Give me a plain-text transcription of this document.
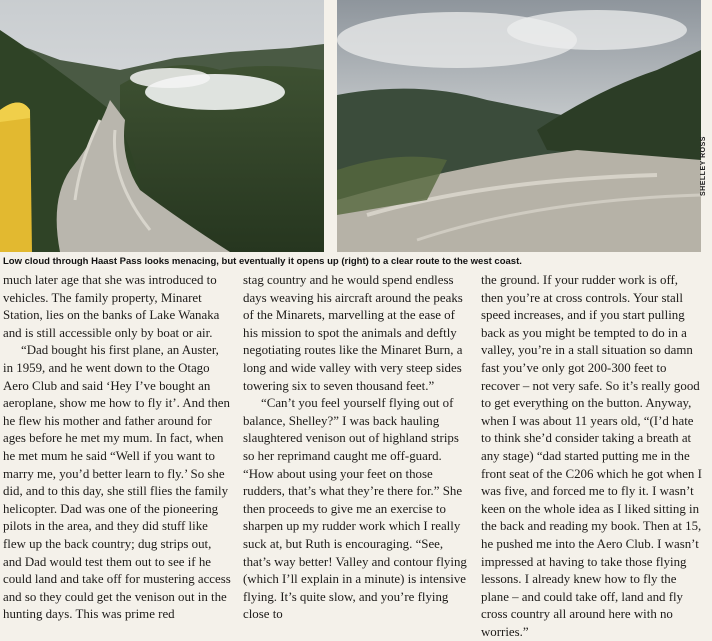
SHELLEY ROSS
Low cloud through Haast Pass looks menacing, but eventually it opens up (right) to a clear route to the west coast.

much later age that she was introduced to vehicles. The family property, Minaret Station, lies on the banks of Lake Wanaka and is still accessible only by boat or air.

“Dad bought his first plane, an Auster, in 1959, and he went down to the Otago Aero Club and said ‘Hey I’ve bought an aeroplane, show me how to fly it’. And then he flew his mother and father around for ages before he met my mum. In fact, when he met mum he said “Well if you want to marry me, you’d better learn to fly.’ So she did, and to this day, she still flies the family helicopter. Dad was one of the pioneering pilots in the area, and they did stuff like flew up the back country; dug strips out, and Dad would test them out to see if he could land and take off for mustering access and so they could get the venison out in the hunting days. This was prime red

stag country and he would spend endless days weaving his aircraft around the peaks of the Minarets, marvelling at the ease of his mission to spot the animals and deftly negotiating routes like the Minaret Burn, a long and wide valley with very steep sides towering six to seven thousand feet.”

“Can’t you feel yourself flying out of balance, Shelley?” I was back hauling slaughtered venison out of highland strips so her reprimand caught me off-guard. “How about using your feet on those rudders, that’s what they’re there for.” She then proceeds to give me an exercise to sharpen up my rudder work which I really suck at, but Ruth is encouraging. “See, that’s way better! Valley and contour flying (which I’ll explain in a minute) is intensive flying. It’s quite slow, and you’re flying close to

the ground. If your rudder work is off, then you’re at cross controls. Your stall speed increases, and if you start pulling back as you might be tempted to do in a valley, you’re in a stall situation so damn fast you’ve only got 200-300 feet to recover – not very safe. So it’s really good to get everything on the button. Anyway, when I was about 11 years old, “(I’d hate to think she’d consider taking a breath at any stage) “dad started putting me in the front seat of the C206 which he got when I was five, and forced me to fly it. I wasn’t keen on the whole idea as I liked sitting in the back and reading my book. Then at 15, he pushed me into the Aero Club. I wasn’t impressed at having to take those flying lessons. I already knew how to fly the plane – and could take off, land and fly cross country all around here with no worries.”
